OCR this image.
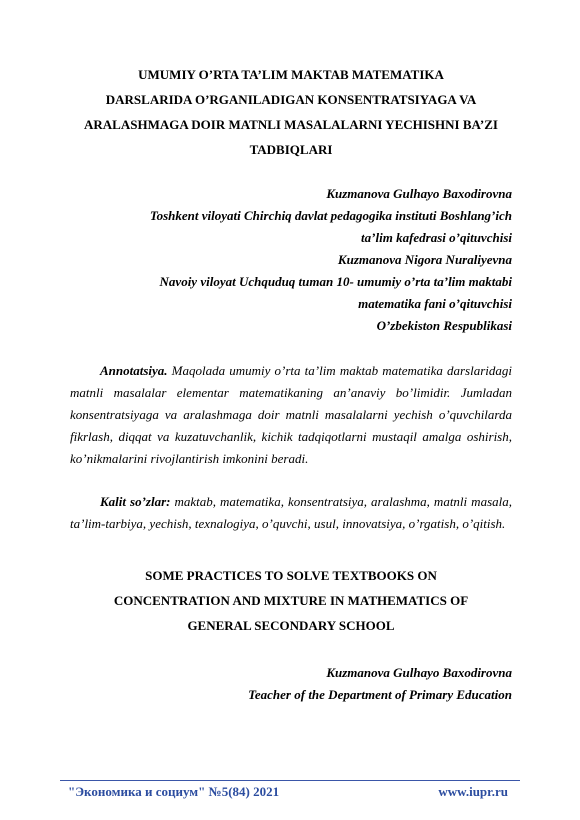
UMUMIY O’RTA TA’LIM MAKTAB MATEMATIKA
DARSLARIDA O’RGANILADIGAN KONSENTRATSIYAGA VA
ARALASHMAGA DOIR MATNLI MASALALARNI YECHISHNI BA’ZI
TADBIQLARI
Kuzmanova Gulhayo Baxodirovna
Toshkent viloyati Chirchiq davlat pedagogika instituti Boshlang’ich
ta’lim kafedrasi o’qituvchisi
Kuzmanova Nigora Nuraliyevna
Navoiy viloyat Uchquduq tuman 10- umumiy o’rta ta’lim maktabi
matematika fani o’qituvchisi
O’zbekiston Respublikasi

Annotatsiya. Maqolada umumiy o’rta ta’lim maktab matematika darslaridagi matnli masalalar elementar matematikaning an’anaviy bo’limidir. Jumladan konsentratsiyaga va aralashmaga doir matnli masalalarni yechish o’quvchilarda fikrlash, diqqat va kuzatuvchanlik, kichik tadqiqotlarni mustaqil amalga oshirish, ko’nikmalarini rivojlantirish imkonini beradi.

Kalit so’zlar: maktab, matematika, konsentratsiya, aralashma, matnli masala, ta’lim-tarbiya, yechish, texnalogiya, o’quvchi, usul, innovatsiya, o’rgatish, o’qitish.

SOME PRACTICES TO SOLVE TEXTBOOKS ON
CONCENTRATION AND MIXTURE IN MATHEMATICS OF
GENERAL SECONDARY SCHOOL
Kuzmanova Gulhayo Baxodirovna
Teacher of the Department of Primary Education
"Экономика и социум" №5(84) 2021	www.iupr.ru
